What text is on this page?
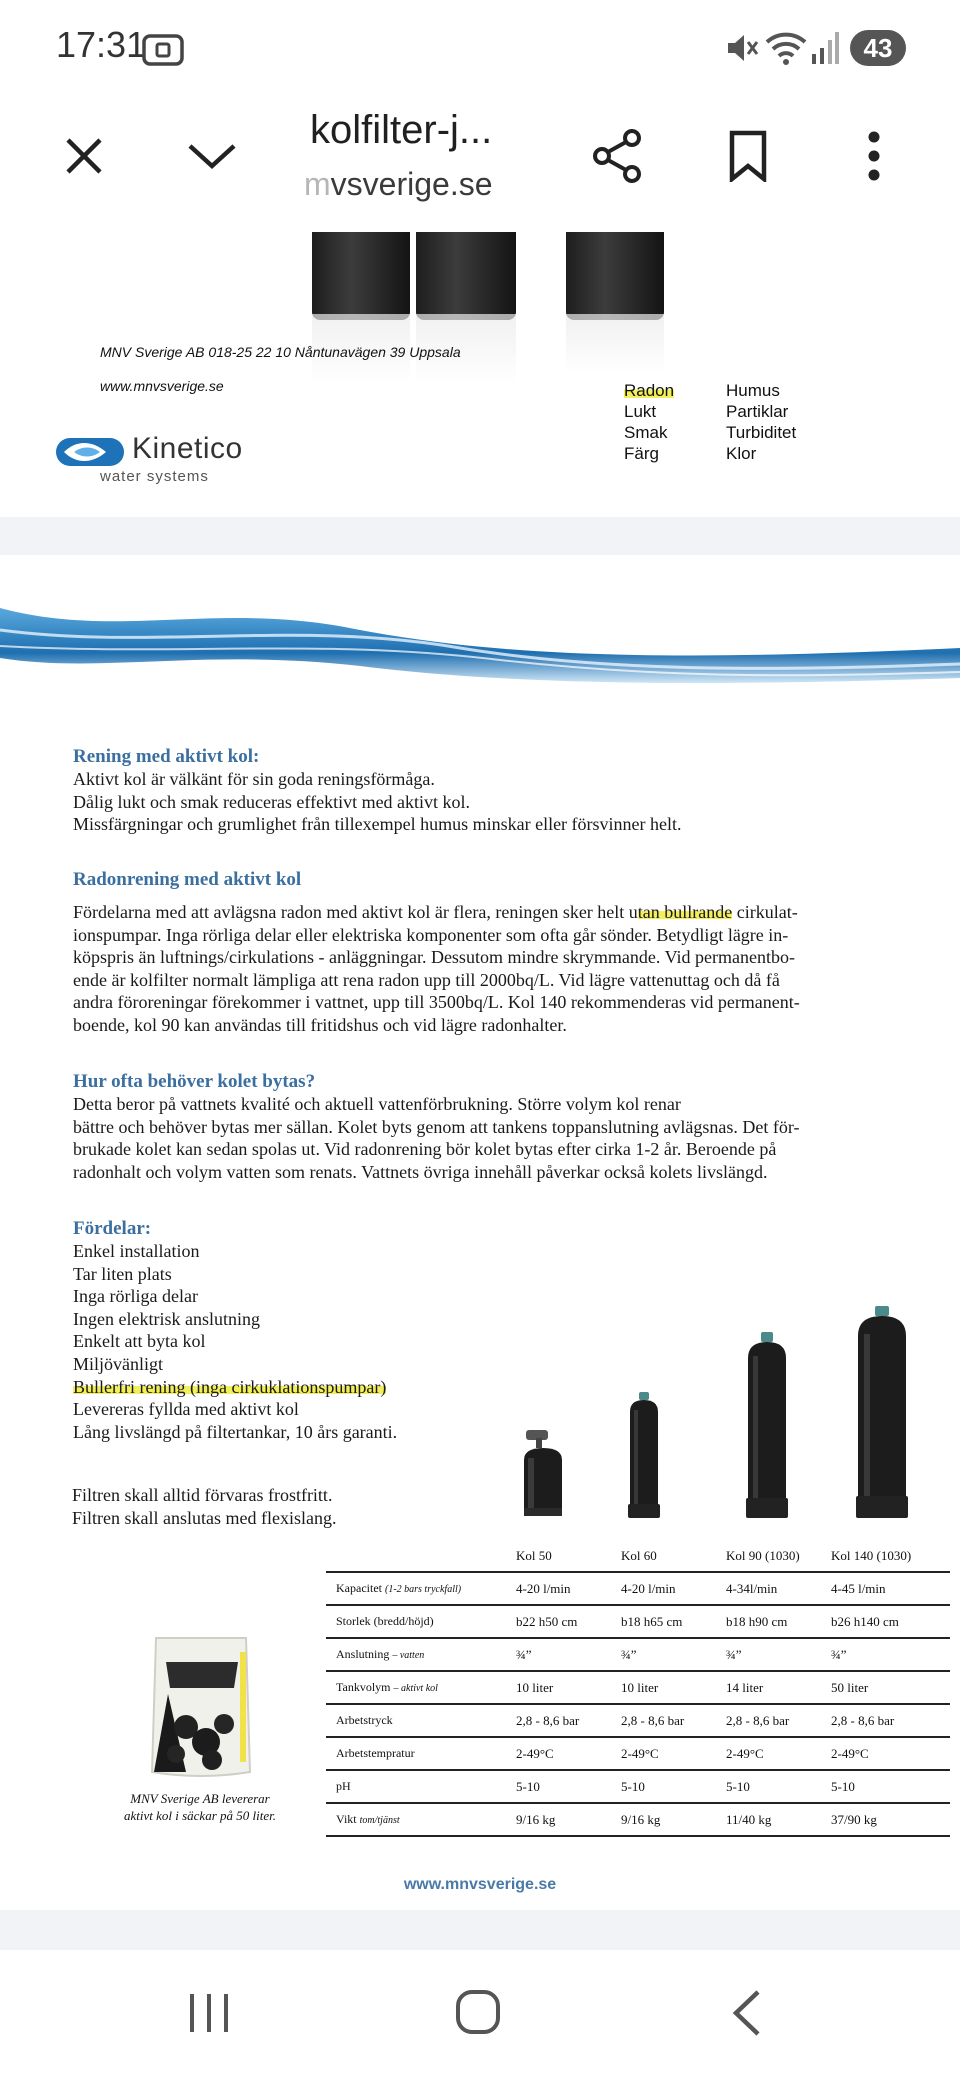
17:31	43
kolfilter-j...
mvsverige.se
MNV Sverige AB 018-25 22 10 Nåntunavägen 39 Uppsala
www.mnvsverige.se
Kinetico
water systems
Radon
Lukt
Smak
Färg
Humus
Partiklar
Turbiditet
Klor
Rening med aktivt kol:
Aktivt kol är välkänt för sin goda reningsförmåga.
Dålig lukt och smak reduceras effektivt med aktivt kol.
Missfärgningar och grumlighet från tillexempel humus minskar eller försvinner helt.
Radonrening med aktivt kol
Fördelarna med att avlägsna radon med aktivt kol är flera, reningen sker helt utan bullrande cirkulat-
ionspumpar. Inga rörliga delar eller elektriska komponenter som ofta går sönder. Betydligt lägre in-
köpspris än luftnings/cirkulations - anläggningar. Dessutom mindre skrymmande. Vid permanentbo-
ende är kolfilter normalt lämpliga att rena radon upp till 2000bq/L. Vid lägre vattenuttag och då få
andra föroreningar förekommer i vattnet, upp till 3500bq/L. Kol 140 rekommenderas vid permanent-
boende, kol 90 kan användas till fritidshus och vid lägre radonhalter.
Hur ofta behöver kolet bytas?
Detta beror på vattnets kvalité och aktuell vattenförbrukning. Större volym kol renar
bättre och behöver bytas mer sällan. Kolet byts genom att tankens toppanslutning avlägsnas. Det för-
brukade kolet kan sedan spolas ut. Vid radonrening bör kolet bytas efter cirka 1-2 år. Beroende på
radonhalt och volym vatten som renats. Vattnets övriga innehåll påverkar också kolets livslängd.
Fördelar:
Enkel installation
Tar liten plats
Inga rörliga delar
Ingen elektrisk anslutning
Enkelt att byta kol
Miljövänligt
Bullerfri rening (inga cirkuklationspumpar)
Levereras fyllda med aktivt kol
Lång livslängd på filtertankar, 10 års garanti.
Filtren skall alltid förvaras frostfritt.
Filtren skall anslutas med flexislang.
	Kol 50	Kol 60	Kol 90 (1030)	Kol 140 (1030)
Kapacitet (1-2 bars tryckfall)	4-20 l/min	4-20 l/min	4-34l/min	4-45 l/min
Storlek (bredd/höjd)	b22 h50 cm	b18 h65 cm	b18 h90 cm	b26 h140 cm
Anslutning – vatten	¾”	¾”	¾”	¾”
Tankvolym – aktivt kol	10 liter	10 liter	14 liter	50 liter
Arbetstryck	2,8 - 8,6 bar	2,8 - 8,6 bar	2,8 - 8,6 bar	2,8 - 8,6 bar
Arbetstempratur	2-49°C	2-49°C	2-49°C	2-49°C
pH	5-10	5-10	5-10	5-10
Vikt tom/tjänst	9/16 kg	9/16 kg	11/40 kg	37/90 kg
MNV Sverige AB levererar
aktivt kol i säckar på 50 liter.
www.mnvsverige.se
